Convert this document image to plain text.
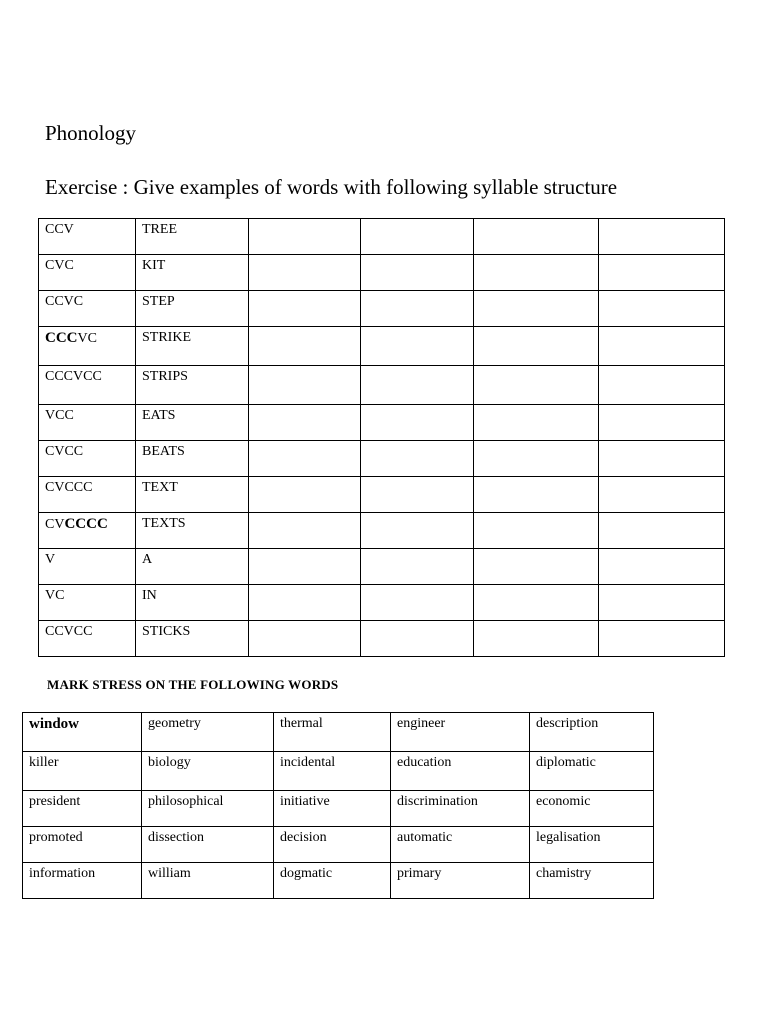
Phonology
Exercise : Give examples of words with following syllable structure
CCV	TREE				

CVC	KIT				

CCVC	STEP				

CCCVC	STRIKE				

CCCVCC	STRIPS				

VCC	EATS				

CVCC	BEATS				

CVCCC	TEXT				

CVCCCC	TEXTS				

V	A				

VC	IN				

CCVCC	STICKS				

MARK STRESS ON THE FOLLOWING WORDS
window	geometry	thermal	engineer	description

killer	biology	incidental	education	diplomatic

president	philosophical	initiative	discrimination	economic

promoted	dissection	decision	automatic	legalisation

information	william	dogmatic	primary	chamistry
